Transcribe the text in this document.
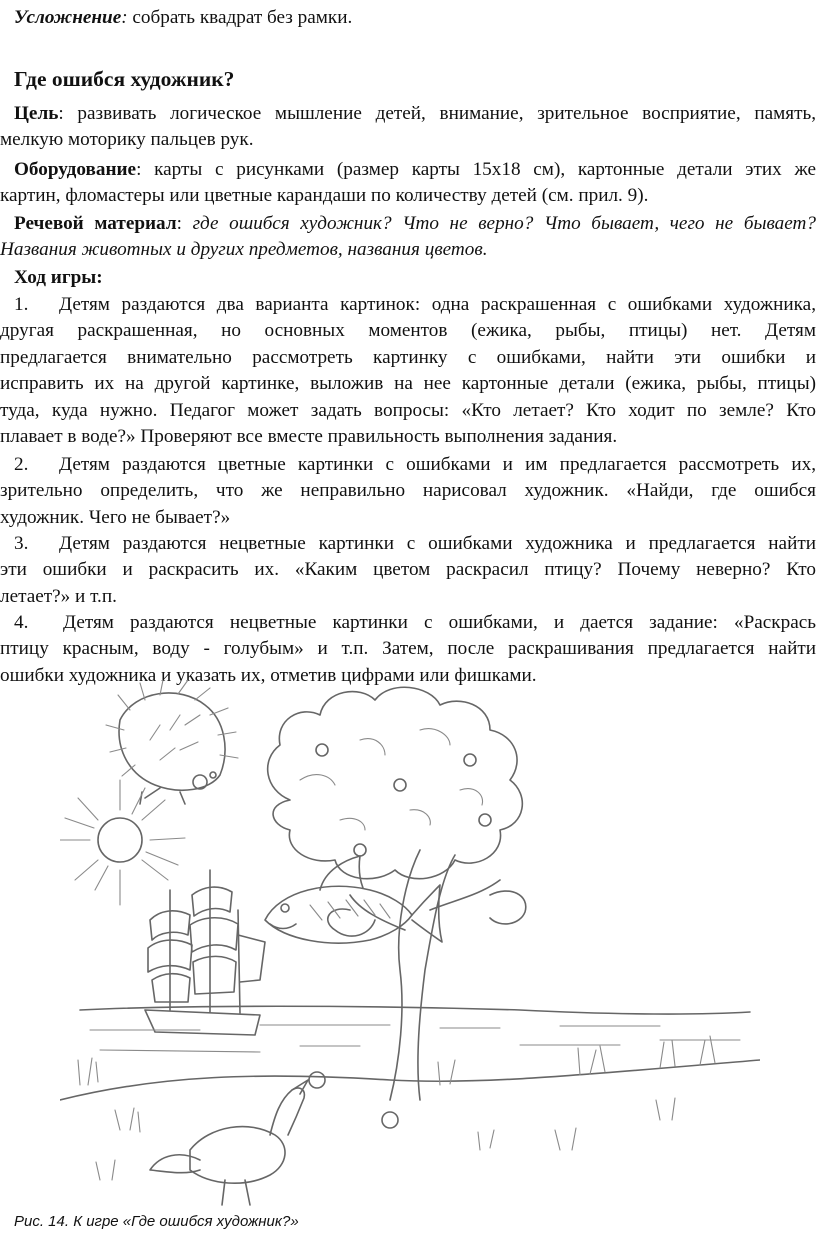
Усложнение: собрать квадрат без рамки.
Где ошибся художник?
Цель: развивать логическое мышление детей, внимание, зрительное восприятие, память,
мелкую моторику пальцев рук.
Оборудование: карты с рисунками (размер карты 15х18 см), картонные детали этих же
картин, фломастеры или цветные карандаши по количеству детей (см. прил. 9).
Речевой материал: где ошибся художник? Что не верно? Что бывает, чего не бывает?
Названия животных и других предметов, названия цветов.
Ход игры:
1. Детям раздаются два варианта картинок: одна раскрашенная с ошибками художника,
другая раскрашенная, но основных моментов (ежика, рыбы, птицы) нет. Детям
предлагается внимательно рассмотреть картинку с ошибками, найти эти ошибки и
исправить их на другой картинке, выложив на нее картонные детали (ежика, рыбы, птицы)
туда, куда нужно. Педагог может задать вопросы: «Кто летает? Кто ходит по земле? Кто
плавает в воде?» Проверяют все вместе правильность выполнения задания.
2. Детям раздаются цветные картинки с ошибками и им предлагается рассмотреть их,
зрительно определить, что же неправильно нарисовал художник. «Найди, где ошибся
художник. Чего не бывает?»
3. Детям раздаются нецветные картинки с ошибками художника и предлагается найти
эти ошибки и раскрасить их. «Каким цветом раскрасил птицу? Почему неверно? Кто
летает?» и т.п.
4. Детям раздаются нецветные картинки с ошибками, и дается задание: «Раскрась
птицу красным, воду - голубым» и т.п. Затем, после раскрашивания предлагается найти
ошибки художника и указать их, отметив цифрами или фишками.
Рис. 14. К игре «Где ошибся художник?»
